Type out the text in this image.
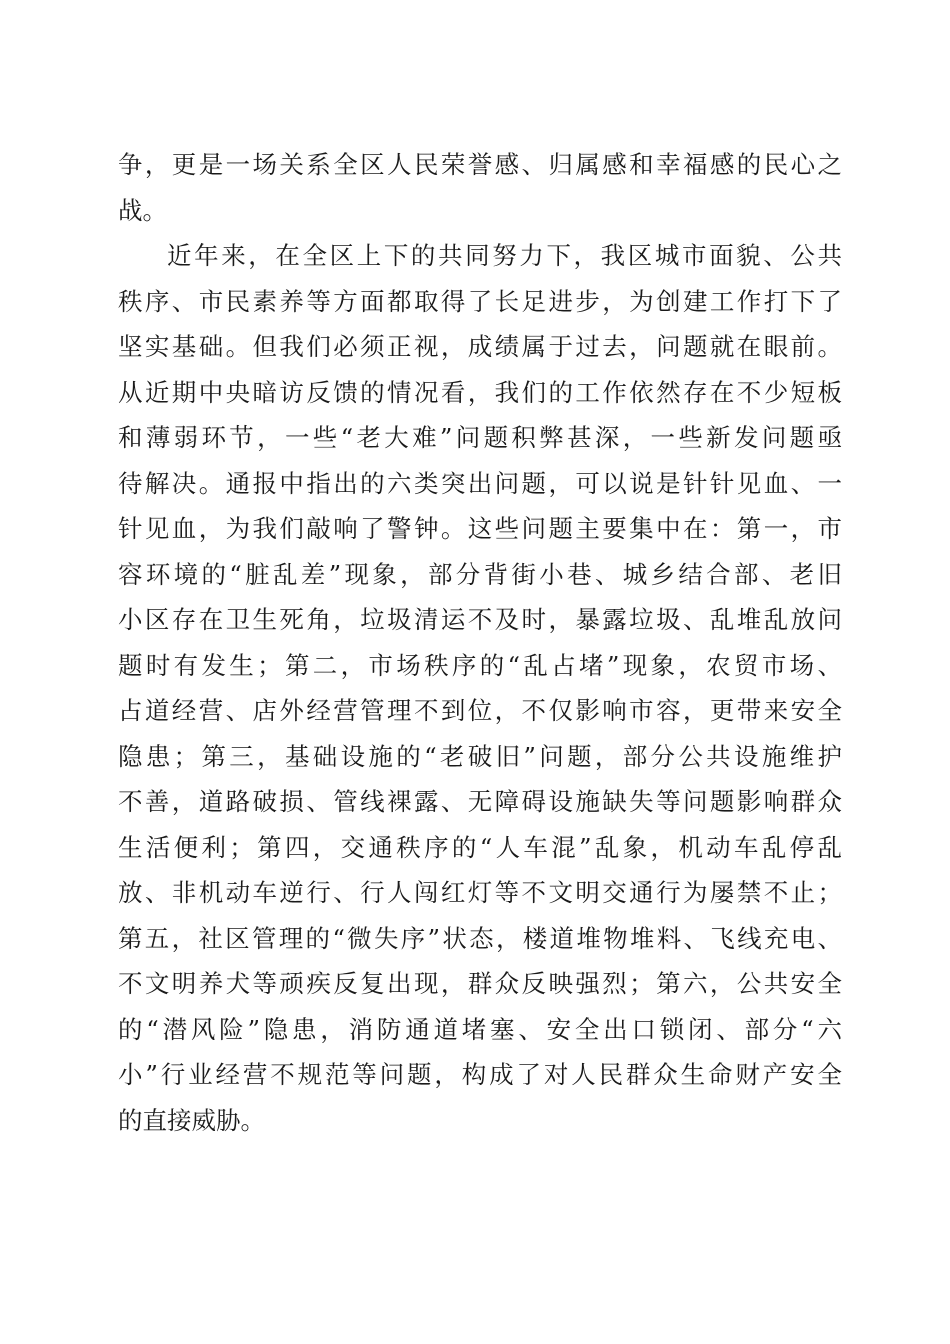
争，更是一场关系全区人民荣誉感、归属感和幸福感的民心之
战。
近年来，在全区上下的共同努力下，我区城市面貌、公共
秩序、市民素养等方面都取得了长足进步，为创建工作打下了
坚实基础。但我们必须正视，成绩属于过去，问题就在眼前。
从近期中央暗访反馈的情况看，我们的工作依然存在不少短板
和薄弱环节，一些“老大难”问题积弊甚深，一些新发问题亟
待解决。通报中指出的六类突出问题，可以说是针针见血、一
针见血，为我们敲响了警钟。这些问题主要集中在：第一，市
容环境的“脏乱差”现象，部分背街小巷、城乡结合部、老旧
小区存在卫生死角，垃圾清运不及时，暴露垃圾、乱堆乱放问
题时有发生；第二，市场秩序的“乱占堵”现象，农贸市场、
占道经营、店外经营管理不到位，不仅影响市容，更带来安全
隐患；第三，基础设施的“老破旧”问题，部分公共设施维护
不善，道路破损、管线裸露、无障碍设施缺失等问题影响群众
生活便利；第四，交通秩序的“人车混”乱象，机动车乱停乱
放、非机动车逆行、行人闯红灯等不文明交通行为屡禁不止；
第五，社区管理的“微失序”状态，楼道堆物堆料、飞线充电、
不文明养犬等顽疾反复出现，群众反映强烈；第六，公共安全
的“潜风险”隐患，消防通道堵塞、安全出口锁闭、部分“六
小”行业经营不规范等问题，构成了对人民群众生命财产安全
的直接威胁。
